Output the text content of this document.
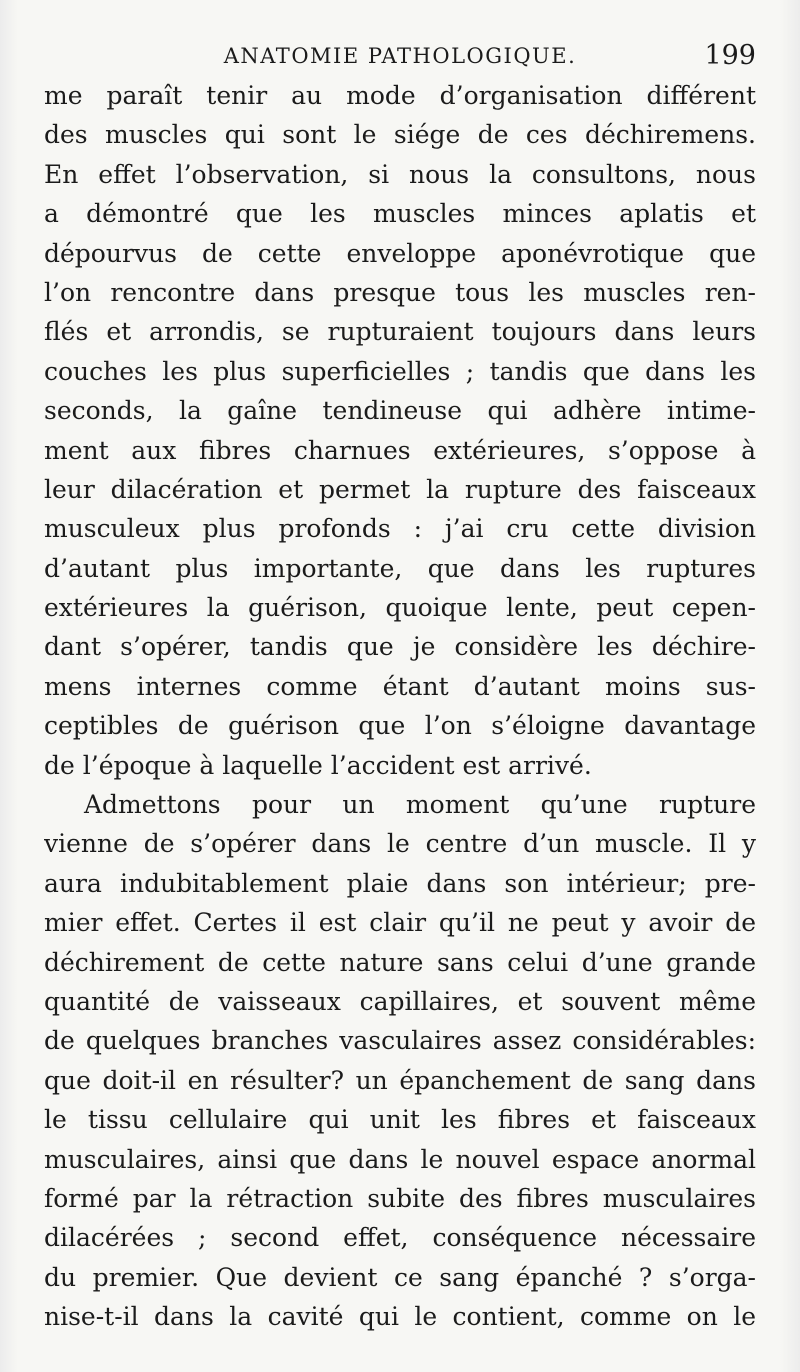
ANATOMIE PATHOLOGIQUE.	199
me paraît tenir au mode d’organisation différent
des muscles qui sont le siége de ces déchiremens.
En effet l’observation, si nous la consultons, nous
a démontré que les muscles minces aplatis et
dépourvus de cette enveloppe aponévrotique que
l’on rencontre dans presque tous les muscles ren-
flés et arrondis, se rupturaient toujours dans leurs
couches les plus superficielles ; tandis que dans les
seconds, la gaîne tendineuse qui adhère intime-
ment aux fibres charnues extérieures, s’oppose à
leur dilacération et permet la rupture des faisceaux
musculeux plus profonds : j’ai cru cette division
d’autant plus importante, que dans les ruptures
extérieures la guérison, quoique lente, peut cepen-
dant s’opérer, tandis que je considère les déchire-
mens internes comme étant d’autant moins sus-
ceptibles de guérison que l’on s’éloigne davantage
de l’époque à laquelle l’accident est arrivé.
Admettons pour un moment qu’une rupture
vienne de s’opérer dans le centre d’un muscle. Il y
aura indubitablement plaie dans son intérieur; pre-
mier effet. Certes il est clair qu’il ne peut y avoir de
déchirement de cette nature sans celui d’une grande
quantité de vaisseaux capillaires, et souvent même
de quelques branches vasculaires assez considérables:
que doit-il en résulter? un épanchement de sang dans
le tissu cellulaire qui unit les fibres et faisceaux
musculaires, ainsi que dans le nouvel espace anormal
formé par la rétraction subite des fibres musculaires
dilacérées ; second effet, conséquence nécessaire
du premier. Que devient ce sang épanché ? s’orga-
nise-t-il dans la cavité qui le contient, comme on le
